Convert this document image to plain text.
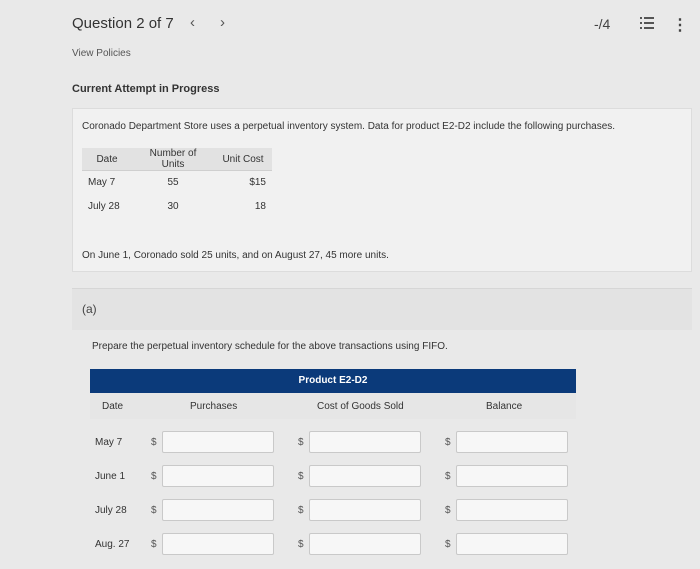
Question 2 of 7 ‹ ›	-/4	⋮
View Policies
Current Attempt in Progress
Coronado Department Store uses a perpetual inventory system. Data for product E2-D2 include the following purchases.
Date	Number of Units	Unit Cost
May 7	55	$15
July 28	30	18
On June 1, Coronado sold 25 units, and on August 27, 45 more units.
(a)
Prepare the perpetual inventory schedule for the above transactions using FIFO.
Product E2-D2
Date	Purchases	Cost of Goods Sold	Balance
May 7	$	$	$
June 1	$	$	$
July 28 $	$	$
Aug. 27 $	$	$
